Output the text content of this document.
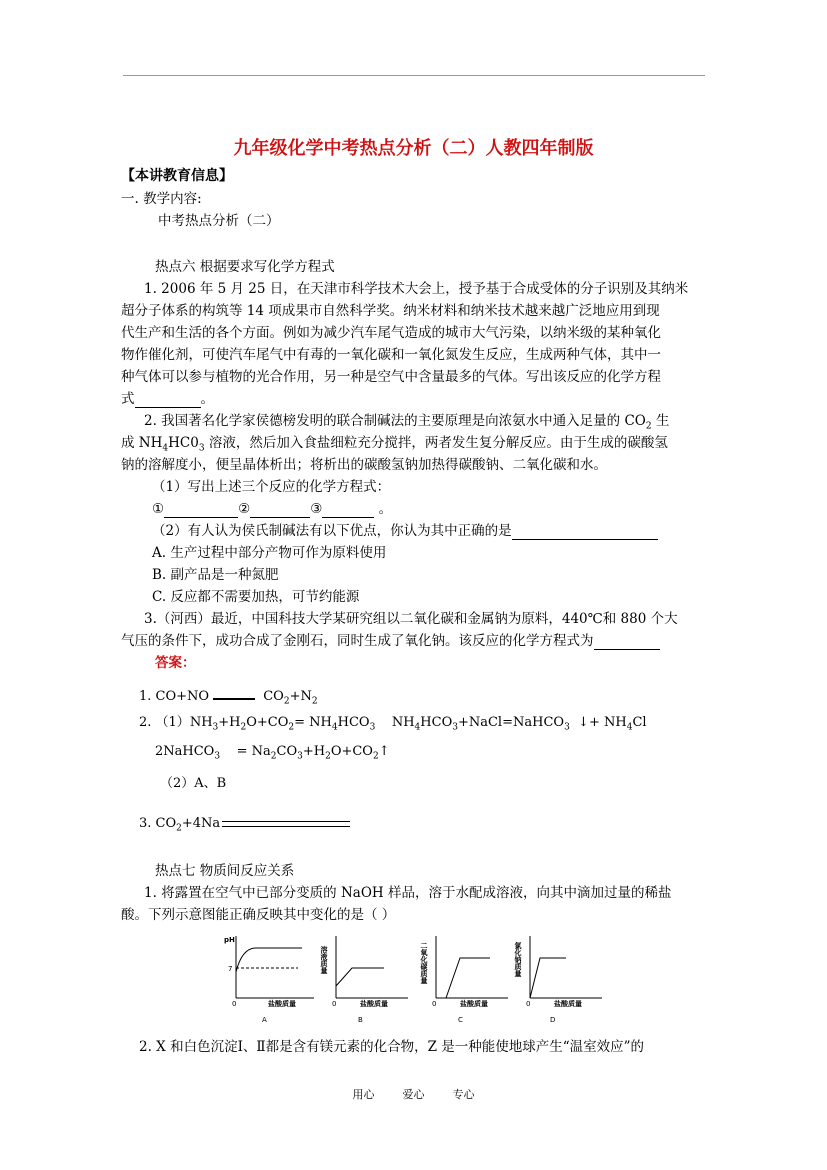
九年级化学中考热点分析（二）人教四年制版
【本讲教育信息】
一. 教学内容:
中考热点分析（二）
热点六 根据要求写化学方程式
1. 2006 年 5 月 25 日，在天津市科学技术大会上，授予基于合成受体的分子识别及其纳米
超分子体系的构筑等 14 项成果市自然科学奖。纳米材料和纳米技术越来越广泛地应用到现
代生产和生活的各个方面。例如为减少汽车尾气造成的城市大气污染，以纳米级的某种氧化
物作催化剂，可使汽车尾气中有毒的一氧化碳和一氧化氮发生反应，生成两种气体，其中一
种气体可以参与植物的光合作用，另一种是空气中含量最多的气体。写出该反应的化学方程
式	。
2. 我国著名化学家侯德榜发明的联合制碱法的主要原理是向浓氨水中通入足量的 $CO_2$ 生
成 $NH_4HC0_3$ 溶液，然后加入食盐细粒充分搅拌，两者发生复分解反应。由于生成的碳酸氢
钠的溶解度小，便呈晶体析出；将析出的碳酸氢钠加热得碳酸钠、二氧化碳和水。
（1）写出上述三个反应的化学方程式：
①	②	③	。
（2）有人认为侯氏制碱法有以下优点，你认为其中正确的是
A. 生产过程中部分产物可作为原料使用
B. 副产品是一种氮肥
C. 反应都不需要加热，可节约能源
3.（河西）最近，中国科技大学某研究组以二氧化碳和金属钠为原料，440℃和 880 个大
气压的条件下，成功合成了金刚石，同时生成了氧化钠。该反应的化学方程式为
答案：
1. CO+NO	$CO_2+N_2$
2. $(1)NH_3+H_2O+CO_2= NH_4HCO_3$    $NH_4HCO_3+NaCl=NaHCO_3$  ↓+ $NH_4Cl$
2NaHCO$_3$    = $Na_2CO_3+H_2O+CO_2↑$
（2）A、B
3. $CO_2+4Na$
热点七 物质间反应关系
1. 将露置在空气中已部分变质的 NaOH 样品，溶于水配成溶液，向其中滴加过量的稀盐
酸。下列示意图能正确反映其中变化的是（ ）
pH
7
0	盐酸质量
A
溶液质量
0	盐酸质量
B
二氧化碳质量
0	盐酸质量
C
氯化钠质量
0	盐酸质量
D
2. X 和白色沉淀Ⅰ、Ⅱ都是含有镁元素的化合物，Z 是一种能使地球产生“温室效应”的
用心	爱心	专心
